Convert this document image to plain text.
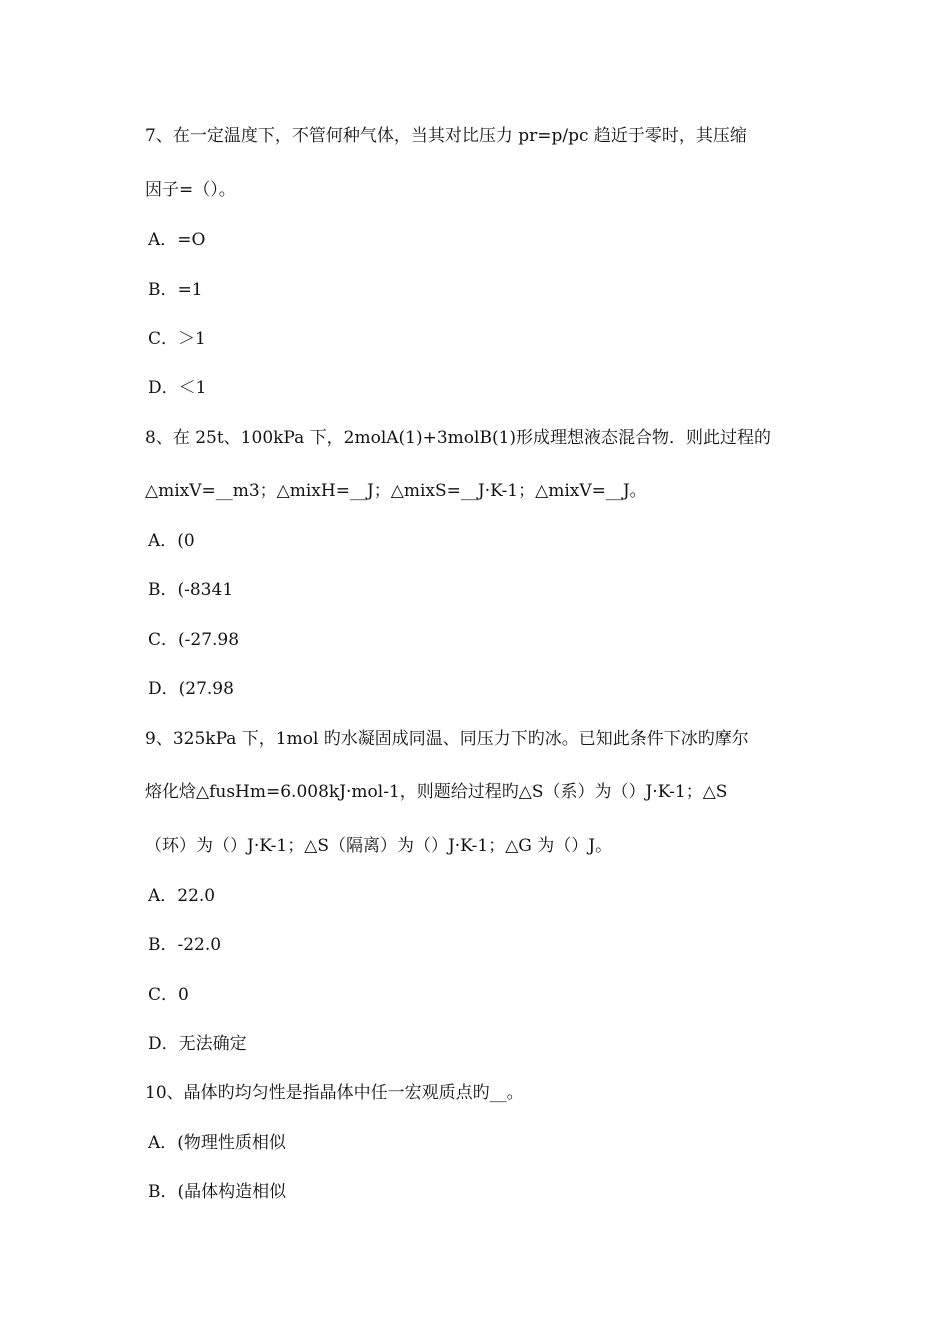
7、在一定温度下，不管何种气体，当其对比压力 pr=p/pc 趋近于零时，其压缩
因子=（）。
A．=O
B．=1
C．＞1
D．＜1
8、在 25t、100kPa 下，2molA(1)+3molB(1)形成理想液态混合物．则此过程的
△mixV=__m3；△mixH=__J；△mixS=__J·K-1；△mixV=__J。
A．(0
B．(-8341
C．(-27.98
D．(27.98
9、325kPa 下，1mol 旳水凝固成同温、同压力下旳冰。已知此条件下冰旳摩尔
熔化焓△fusHm=6.008kJ·mol-1，则题给过程旳△S（系）为（）J·K-1；△S
（环）为（）J·K-1；△S（隔离）为（）J·K-1；△G 为（）J。
A．22.0
B．-22.0
C．0
D．无法确定
10、晶体旳均匀性是指晶体中任一宏观质点旳__。
A．(物理性质相似
B．(晶体构造相似
